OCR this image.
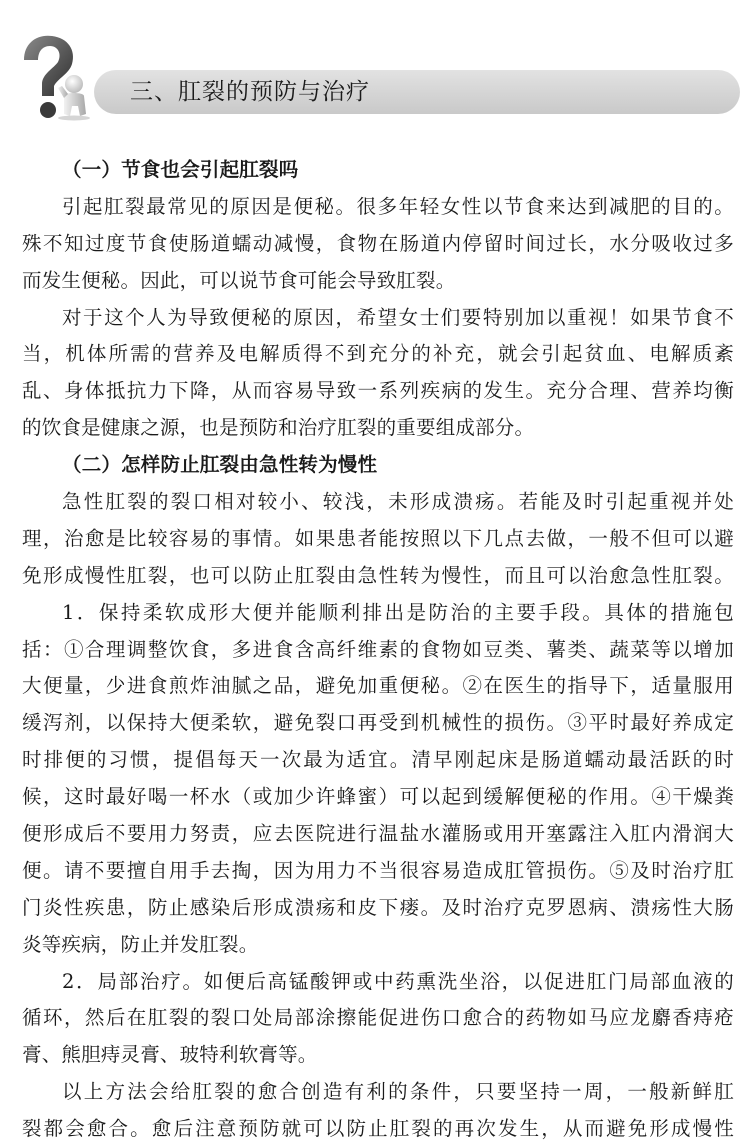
三、肛裂的预防与治疗
（一）节食也会引起肛裂吗
引起肛裂最常见的原因是便秘。很多年轻女性以节食来达到减肥的目的。
殊不知过度节食使肠道蠕动减慢，食物在肠道内停留时间过长，水分吸收过多
而发生便秘。因此，可以说节食可能会导致肛裂。
对于这个人为导致便秘的原因，希望女士们要特别加以重视！如果节食不
当，机体所需的营养及电解质得不到充分的补充，就会引起贫血、电解质紊
乱、身体抵抗力下降，从而容易导致一系列疾病的发生。充分合理、营养均衡
的饮食是健康之源，也是预防和治疗肛裂的重要组成部分。
（二）怎样防止肛裂由急性转为慢性
急性肛裂的裂口相对较小、较浅，未形成溃疡。若能及时引起重视并处
理，治愈是比较容易的事情。如果患者能按照以下几点去做，一般不但可以避
免形成慢性肛裂，也可以防止肛裂由急性转为慢性，而且可以治愈急性肛裂。
1．保持柔软成形大便并能顺利排出是防治的主要手段。具体的措施包
括：①合理调整饮食，多进食含高纤维素的食物如豆类、薯类、蔬菜等以增加
大便量，少进食煎炸油腻之品，避免加重便秘。②在医生的指导下，适量服用
缓泻剂，以保持大便柔软，避免裂口再受到机械性的损伤。③平时最好养成定
时排便的习惯，提倡每天一次最为适宜。清早刚起床是肠道蠕动最活跃的时
候，这时最好喝一杯水（或加少许蜂蜜）可以起到缓解便秘的作用。④干燥粪
便形成后不要用力努责，应去医院进行温盐水灌肠或用开塞露注入肛内滑润大
便。请不要擅自用手去掏，因为用力不当很容易造成肛管损伤。⑤及时治疗肛
门炎性疾患，防止感染后形成溃疡和皮下瘘。及时治疗克罗恩病、溃疡性大肠
炎等疾病，防止并发肛裂。
2．局部治疗。如便后高锰酸钾或中药熏洗坐浴，以促进肛门局部血液的
循环，然后在肛裂的裂口处局部涂擦能促进伤口愈合的药物如马应龙麝香痔疮
膏、熊胆痔灵膏、玻特利软膏等。
以上方法会给肛裂的愈合创造有利的条件，只要坚持一周，一般新鲜肛
裂都会愈合。愈后注意预防就可以防止肛裂的再次发生，从而避免形成慢性
